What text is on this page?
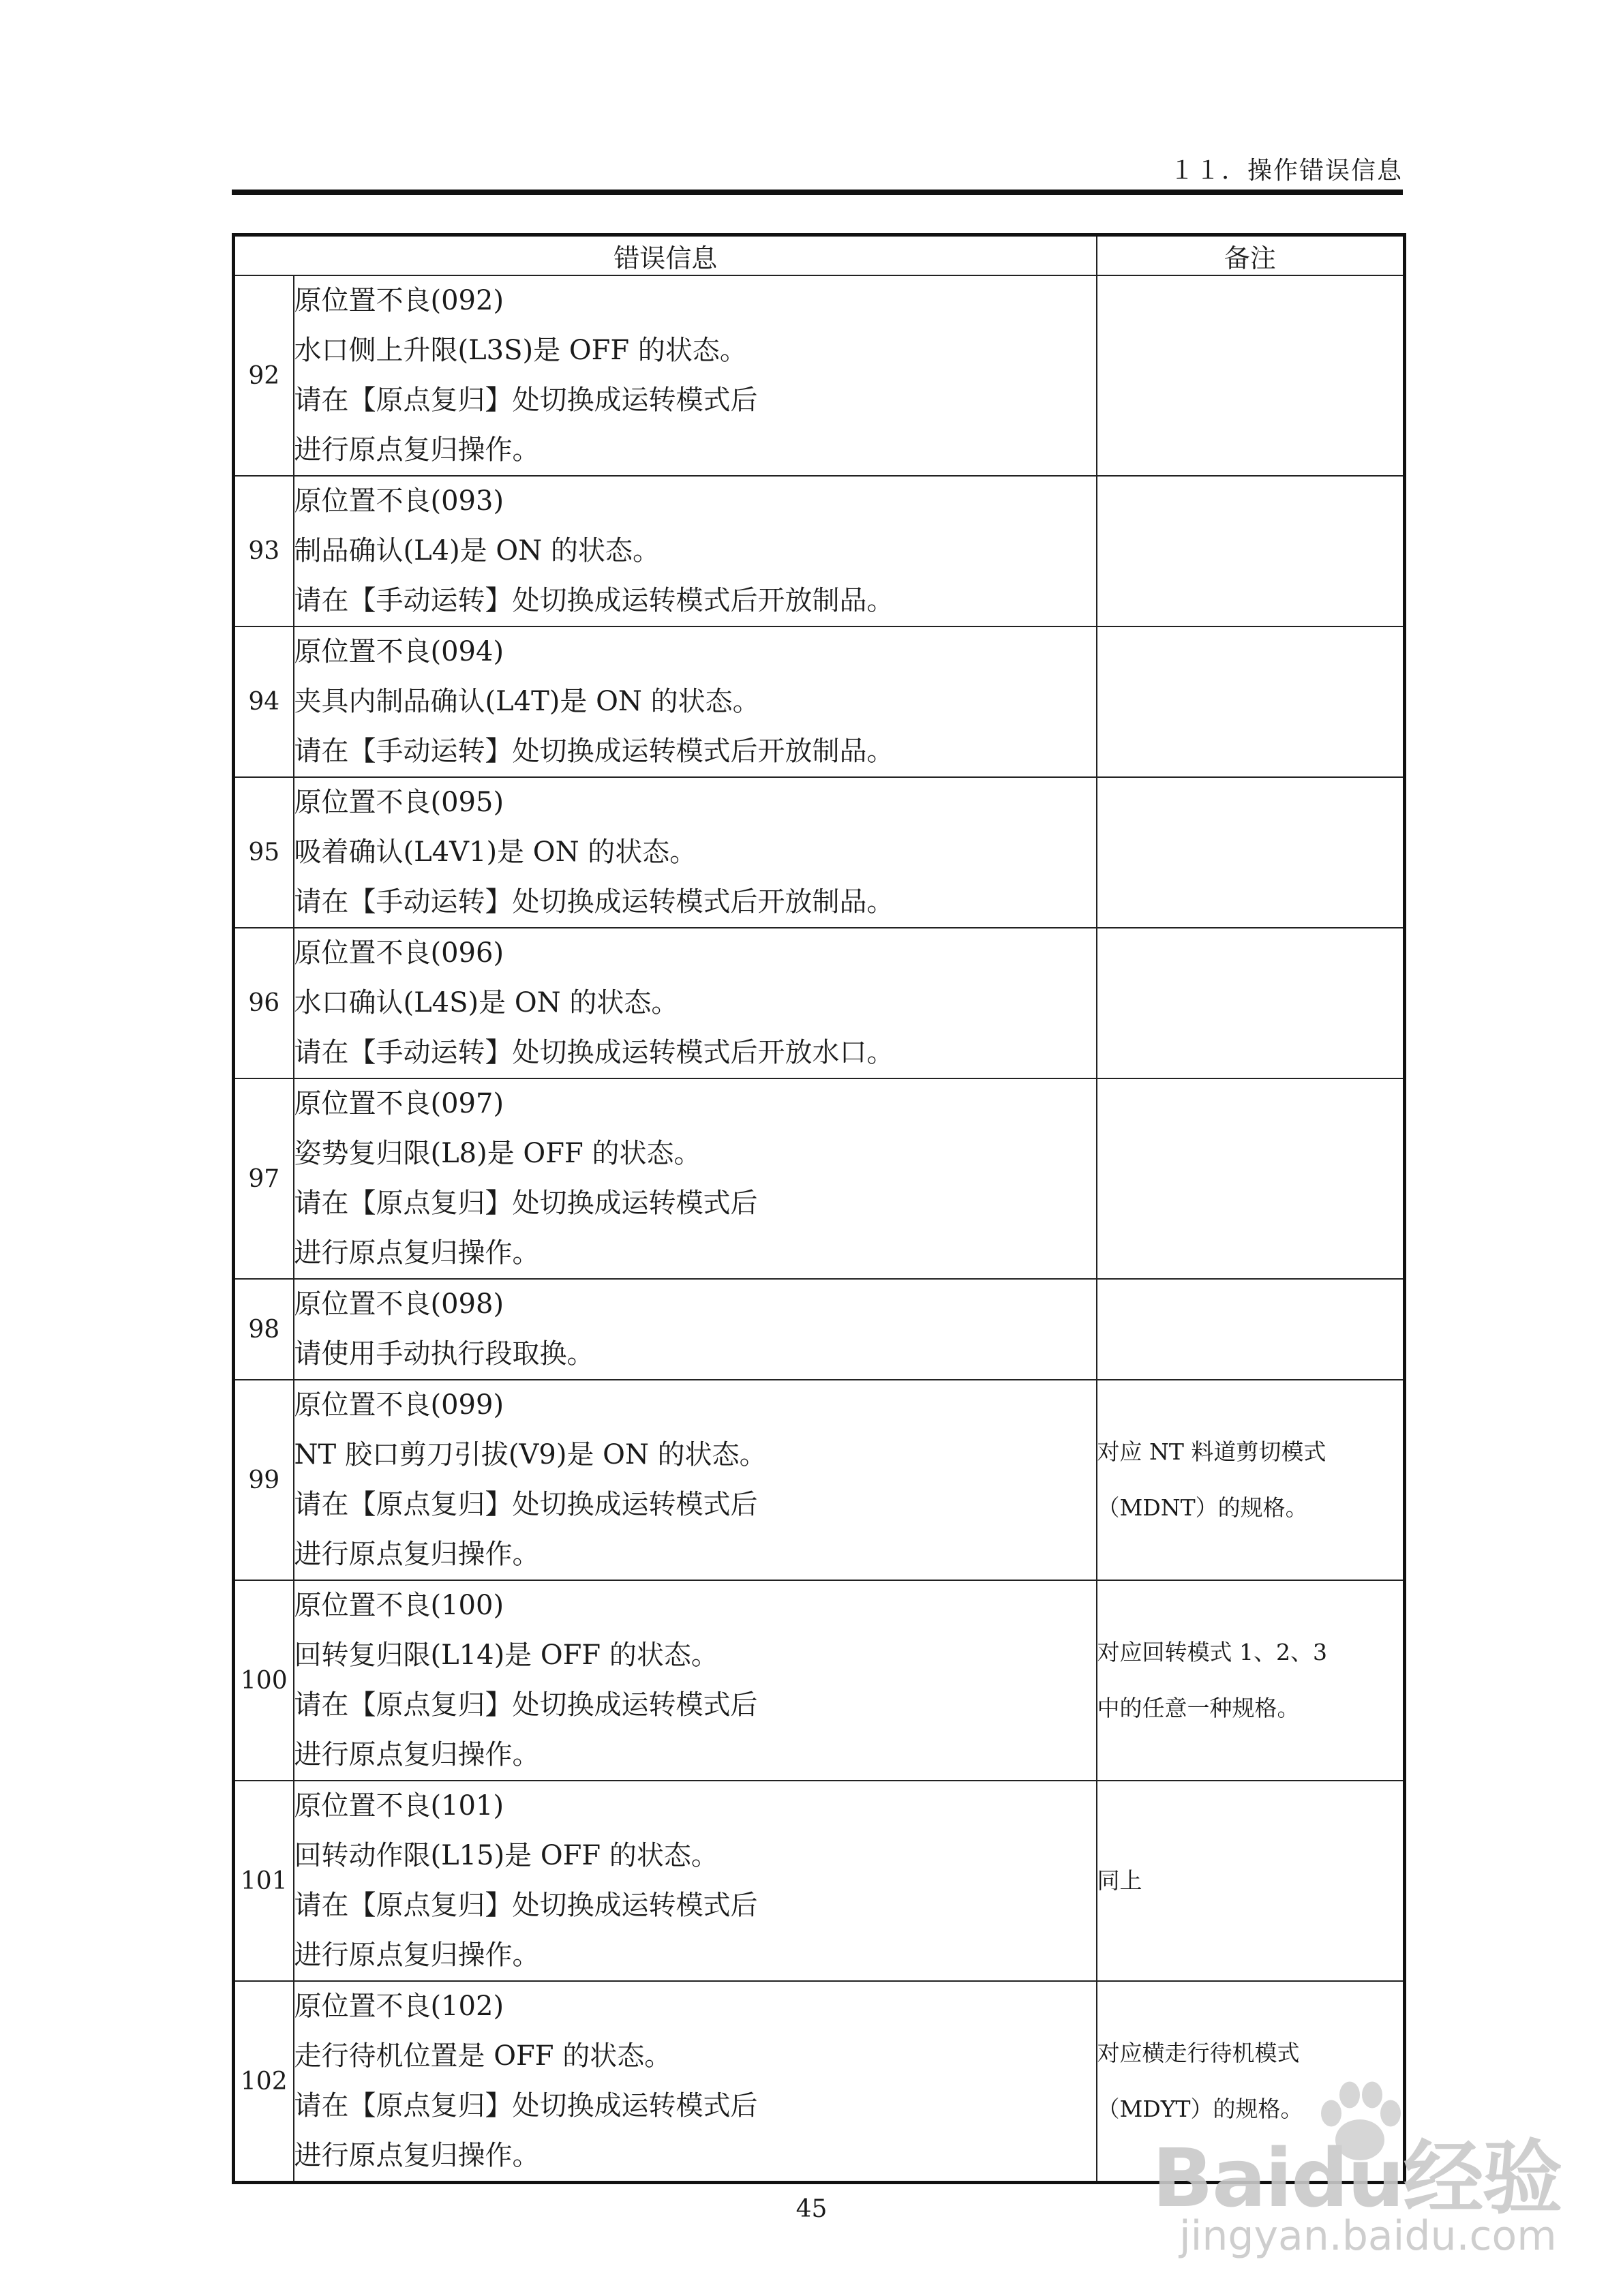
１１．操作错误信息
错误信息		备注
92	原位置不良(092)
水口侧上升限(L3S)是 OFF 的状态。
请在【原点复归】处切换成运转模式后
进行原点复归操作。	

93	原位置不良(093)
制品确认(L4)是 ON 的状态。
请在【手动运转】处切换成运转模式后开放制品。	

94	原位置不良(094)
夹具内制品确认(L4T)是 ON 的状态。
请在【手动运转】处切换成运转模式后开放制品。	

95	原位置不良(095)
吸着确认(L4V1)是 ON 的状态。
请在【手动运转】处切换成运转模式后开放制品。	

96	原位置不良(096)
水口确认(L4S)是 ON 的状态。
请在【手动运转】处切换成运转模式后开放水口。	

97	原位置不良(097)
姿势复归限(L8)是 OFF 的状态。
请在【原点复归】处切换成运转模式后
进行原点复归操作。	

98	原位置不良(098)
请使用手动执行段取换。	

99	原位置不良(099)
NT 胶口剪刀引拔(V9)是 ON 的状态。
请在【原点复归】处切换成运转模式后
进行原点复归操作。	对应 NT 料道剪切模式
（MDNT）的规格。

100	原位置不良(100)
回转复归限(L14)是 OFF 的状态。
请在【原点复归】处切换成运转模式后
进行原点复归操作。	对应回转模式 1、2、3
中的任意一种规格。

101	原位置不良(101)
回转动作限(L15)是 OFF 的状态。
请在【原点复归】处切换成运转模式后
进行原点复归操作。	同上

102	原位置不良(102)
走行待机位置是 OFF 的状态。
请在【原点复归】处切换成运转模式后
进行原点复归操作。	对应横走行待机模式
（MDYT）的规格。
45	Baidu经验
jingyan.baidu.com
